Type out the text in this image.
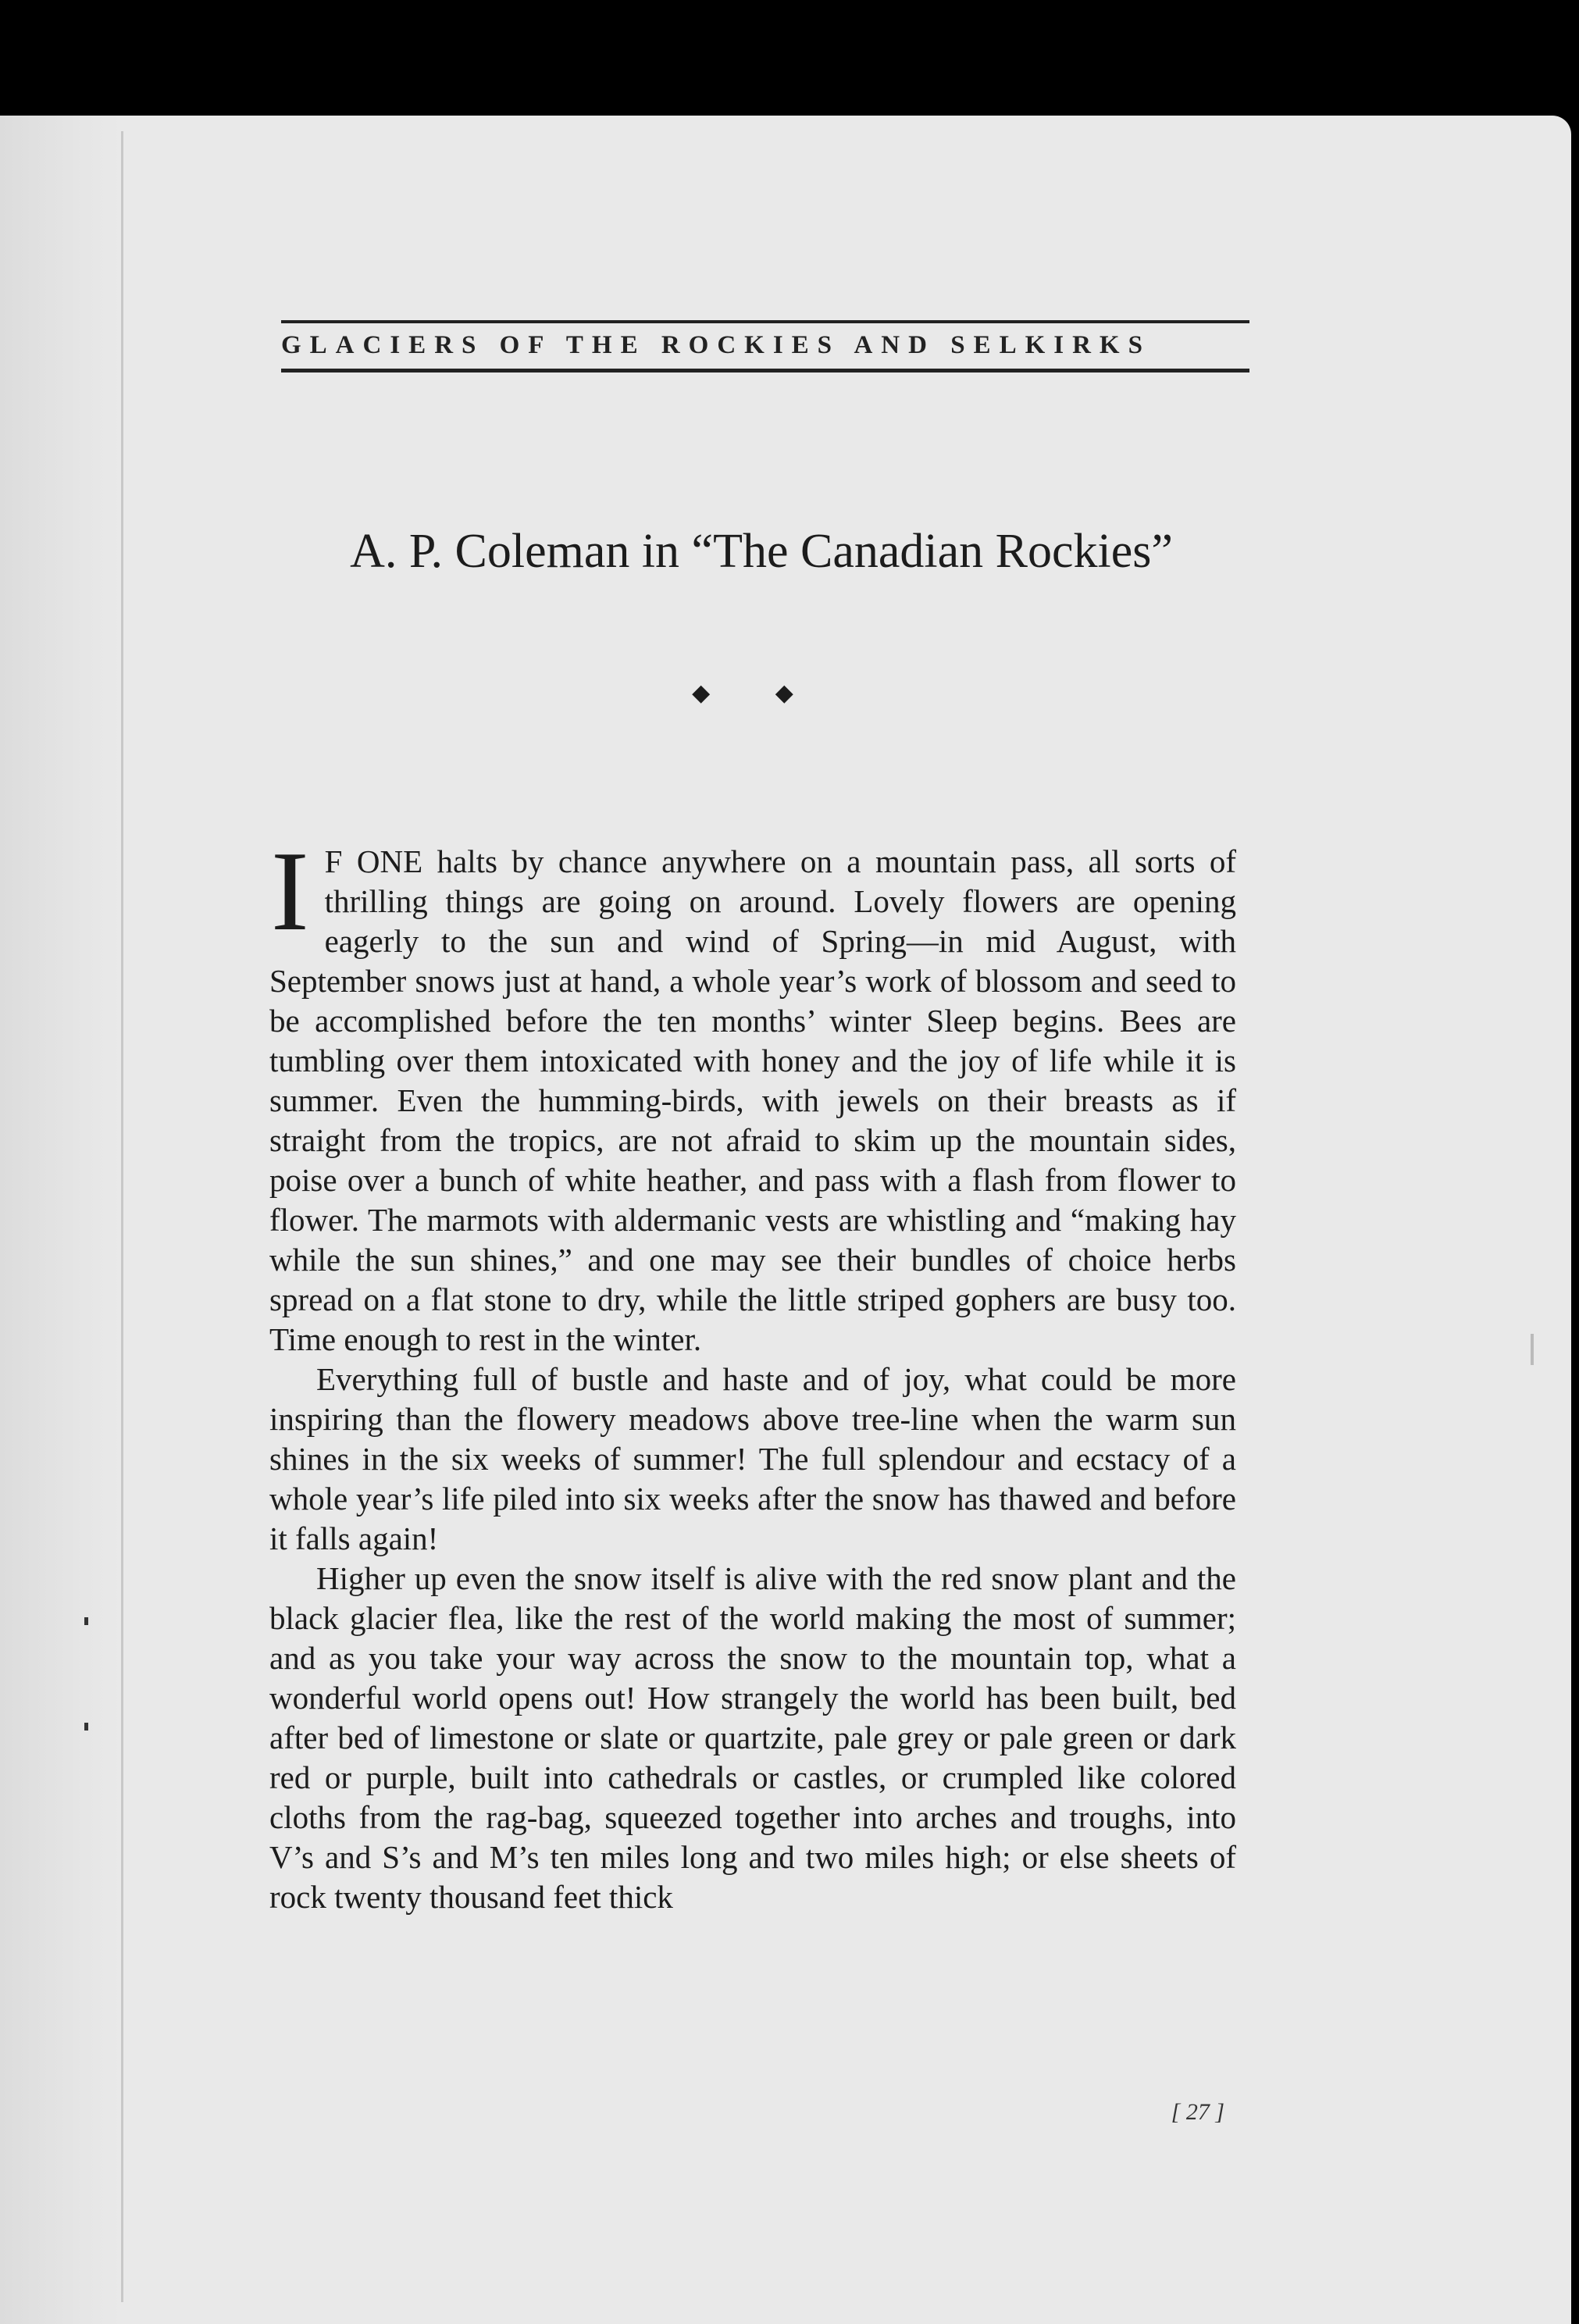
GLACIERS OF THE ROCKIES AND SELKIRKS
A. P. Coleman in “The Canadian Rockies”
◆ ◆

I F ONE halts by chance anywhere on a mountain pass, all sorts of thrilling things are going on around. Lovely flowers are opening eagerly to the sun and wind of Spring—in mid August, with September snows just at hand, a whole year’s work of blossom and seed to be accomplished before the ten months’ winter Sleep begins. Bees are tumbling over them intoxicated with honey and the joy of life while it is summer. Even the humming-birds, with jewels on their breasts as if straight from the tropics, are not afraid to skim up the mountain sides, poise over a bunch of white heather, and pass with a flash from flower to flower. The marmots with aldermanic vests are whistling and “making hay while the sun shines,” and one may see their bundles of choice herbs spread on a flat stone to dry, while the little striped gophers are busy too. Time enough to rest in the winter.

Everything full of bustle and haste and of joy, what could be more inspiring than the flowery meadows above tree-line when the warm sun shines in the six weeks of summer! The full splendour and ecstacy of a whole year’s life piled into six weeks after the snow has thawed and before it falls again!

Higher up even the snow itself is alive with the red snow plant and the black glacier flea, like the rest of the world making the most of summer; and as you take your way across the snow to the mountain top, what a wonderful world opens out! How strangely the world has been built, bed after bed of limestone or slate or quartzite, pale grey or pale green or dark red or purple, built into cathedrals or castles, or crumpled like colored cloths from the rag-bag, squeezed together into arches and troughs, into V’s and S’s and M’s ten miles long and two miles high; or else sheets of rock twenty thousand feet thick

[ 27 ]
